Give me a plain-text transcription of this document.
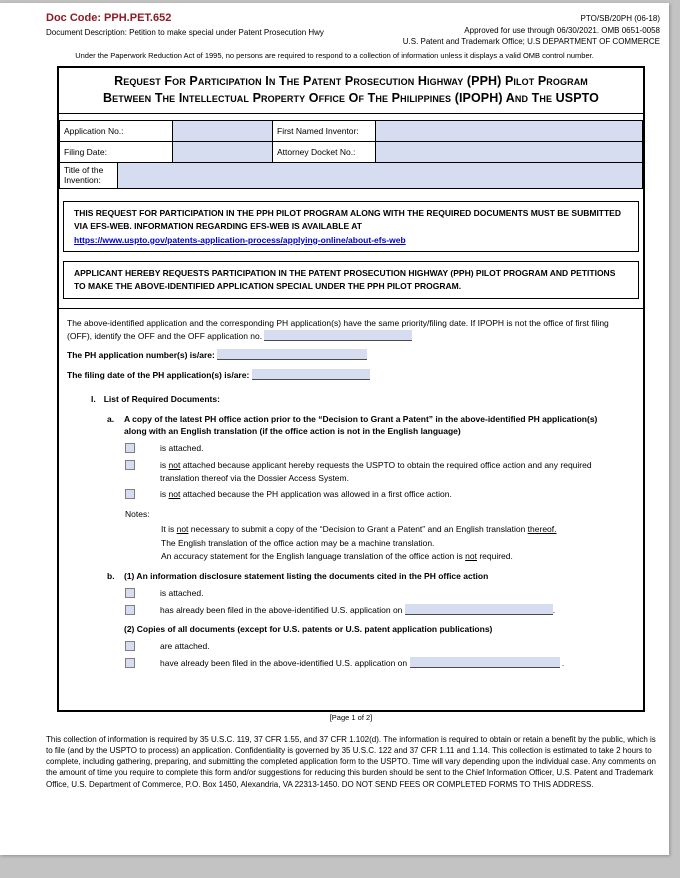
Doc Code: PPH.PET.652
Document Description: Petition to make special under Patent Prosecution Hwy
PTO/SB/20PH (06-18)
Approved for use through 06/30/2021. OMB 0651-0058
U.S. Patent and Trademark Office; U.S DEPARTMENT OF COMMERCE
Under the Paperwork Reduction Act of 1995, no persons are required to respond to a collection of information unless it displays a valid OMB control number.
Request For Participation In The Patent Prosecution Highway (PPH) Pilot Program
Between The Intellectual Property Office Of The Philippines (IPOPH) And The USPTO
Application No.:		First Named Inventor:	
Filing Date:		Attorney Docket No.:	
Title of the Invention:	
THIS REQUEST FOR PARTICIPATION IN THE PPH PILOT PROGRAM ALONG WITH THE REQUIRED DOCUMENTS MUST BE SUBMITTED VIA EFS-WEB. INFORMATION REGARDING EFS-WEB IS AVAILABLE AT
https://www.uspto.gov/patents-application-process/applying-online/about-efs-web
APPLICANT HEREBY REQUESTS PARTICIPATION IN THE PATENT PROSECUTION HIGHWAY (PPH) PILOT PROGRAM AND PETITIONS TO MAKE THE ABOVE-IDENTIFIED APPLICATION SPECIAL UNDER THE PPH PILOT PROGRAM.
The above-identified application and the corresponding PH application(s) have the same priority/filing date. If IPOPH is not the office of first filing (OFF), identify the OFF and the OFF application no.
The PH application number(s) is/are:
The filing date of the PH application(s) is/are:
I. List of Required Documents:
a.	A copy of the latest PH office action prior to the “Decision to Grant a Patent” in the above-identified PH application(s) along with an English translation (if the office action is not in the English language)
is attached.
is not attached because applicant hereby requests the USPTO to obtain the required office action and any required translation thereof via the Dossier Access System.
is not attached because the PH application was allowed in a first office action.
Notes:
It is not necessary to submit a copy of the “Decision to Grant a Patent” and an English translation thereof.
The English translation of the office action may be a machine translation.
An accuracy statement for the English language translation of the office action is not required.
b.	(1) An information disclosure statement listing the documents cited in the PH office action
is attached.
has already been filed in the above-identified U.S. application on	.
(2) Copies of all documents (except for U.S. patents or U.S. patent application publications)
are attached.
have already been filed in the above-identified U.S. application on	.
[Page 1 of 2]
This collection of information is required by 35 U.S.C. 119, 37 CFR 1.55, and 37 CFR 1.102(d). The information is required to obtain or retain a benefit by the public, which is to file (and by the USPTO to process) an application. Confidentiality is governed by 35 U.S.C. 122 and 37 CFR 1.11 and 1.14. This collection is estimated to take 2 hours to complete, including gathering, preparing, and submitting the completed application form to the USPTO. Time will vary depending upon the individual case. Any comments on the amount of time you require to complete this form and/or suggestions for reducing this burden should be sent to the Chief Information Officer, U.S. Patent and Trademark Office, U.S. Department of Commerce, P.O. Box 1450, Alexandria, VA 22313-1450. DO NOT SEND FEES OR COMPLETED FORMS TO THIS ADDRESS.
